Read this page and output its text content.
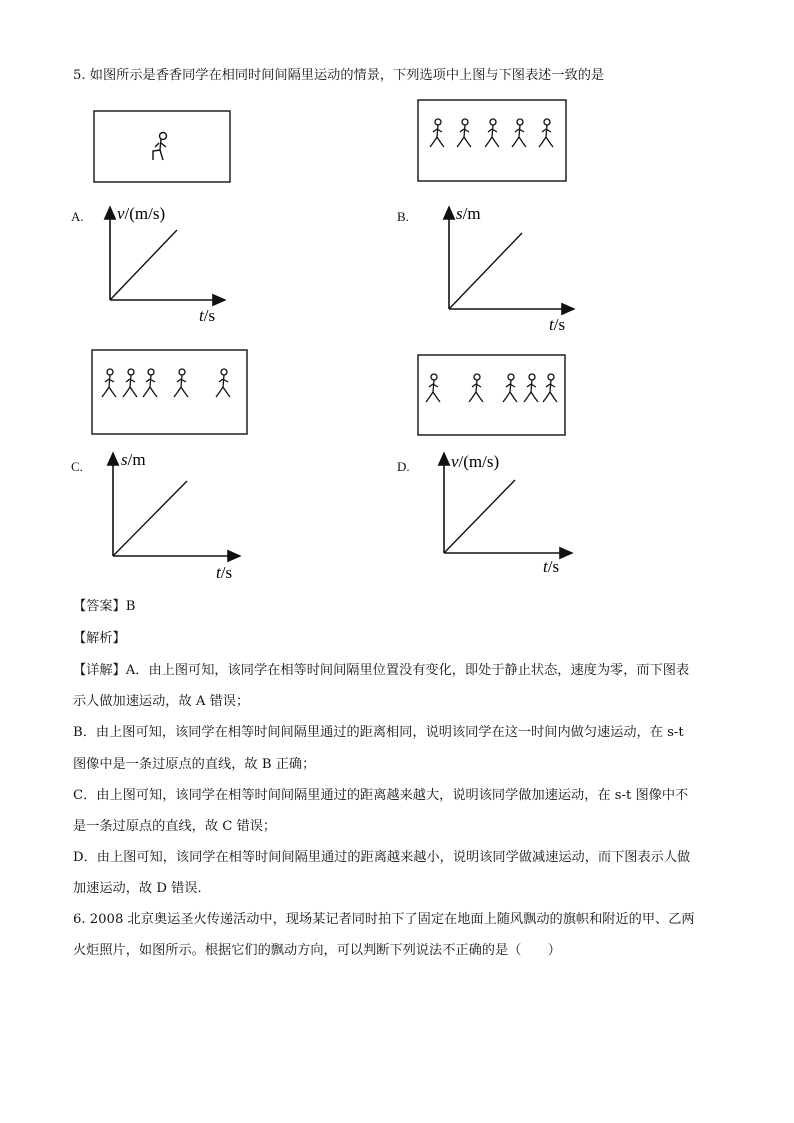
5. 如图所示是香香同学在相同时间间隔里运动的情景，下列选项中上图与下图表述一致的是
A. v/(m/s)
t/s
B.	s/m
t/s
C. s/m
t/s
D. v/(m/s)
t/s
【答案】B
【解析】
【详解】A．由上图可知，该同学在相等时间间隔里位置没有变化，即处于静止状态，速度为零，而下图表
示人做加速运动，故 A 错误；
B．由上图可知，该同学在相等时间间隔里通过的距离相同，说明该同学在这一时间内做匀速运动，在 s-t
图像中是一条过原点的直线，故 B 正确；
C．由上图可知，该同学在相等时间间隔里通过的距离越来越大，说明该同学做加速运动，在 s-t 图像中不
是一条过原点的直线，故 C 错误；
D．由上图可知，该同学在相等时间间隔里通过的距离越来越小，说明该同学做减速运动，而下图表示人做
加速运动，故 D 错误．
6. 2008 北京奥运圣火传递活动中，现场某记者同时拍下了固定在地面上随风飘动的旗帜和附近的甲、乙两
火炬照片，如图所示。根据它们的飘动方向，可以判断下列说法不正确的是（　　）
